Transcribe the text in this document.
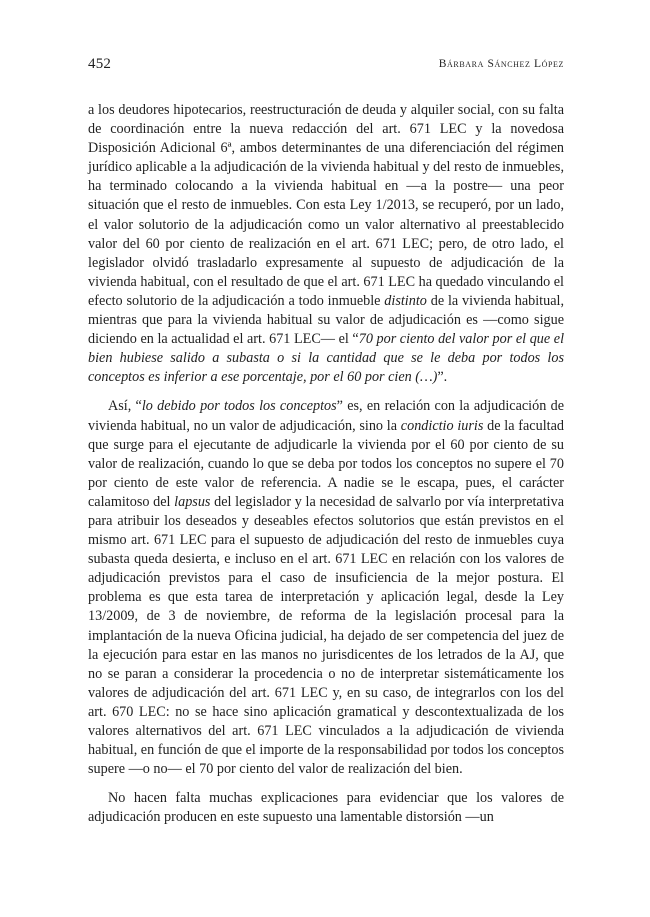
452	Bárbara Sánchez López

a los deudores hipotecarios, reestructuración de deuda y alquiler social, con su falta de coordinación entre la nueva redacción del art. 671 LEC y la novedosa Disposición Adicional 6ª, ambos determinantes de una diferenciación del régimen jurídico aplicable a la adjudicación de la vivienda habitual y del resto de inmuebles, ha terminado colocando a la vivienda habitual en —a la postre— una peor situación que el resto de inmuebles. Con esta Ley 1/2013, se recuperó, por un lado, el valor solutorio de la adjudicación como un valor alternativo al preestablecido valor del 60 por ciento de realización en el art. 671 LEC; pero, de otro lado, el legislador olvidó trasladarlo expresamente al supuesto de adjudicación de la vivienda habitual, con el resultado de que el art. 671 LEC ha quedado vinculando el efecto solutorio de la adjudicación a todo inmueble distinto de la vivienda habitual, mientras que para la vivienda habitual su valor de adjudicación es —como sigue diciendo en la actualidad el art. 671 LEC— el “70 por ciento del valor por el que el bien hubiese salido a subasta o si la cantidad que se le deba por todos los conceptos es inferior a ese porcentaje, por el 60 por cien (…)”.

Así, “lo debido por todos los conceptos” es, en relación con la adjudicación de vivienda habitual, no un valor de adjudicación, sino la condictio iuris de la facultad que surge para el ejecutante de adjudicarle la vivienda por el 60 por ciento de su valor de realización, cuando lo que se deba por todos los conceptos no supere el 70 por ciento de este valor de referencia. A nadie se le escapa, pues, el carácter calamitoso del lapsus del legislador y la necesidad de salvarlo por vía interpretativa para atribuir los deseados y deseables efectos solutorios que están previstos en el mismo art. 671 LEC para el supuesto de adjudicación del resto de inmuebles cuya subasta queda desierta, e incluso en el art. 671 LEC en relación con los valores de adjudicación previstos para el caso de insuficiencia de la mejor postura. El problema es que esta tarea de interpretación y aplicación legal, desde la Ley 13/2009, de 3 de noviembre, de reforma de la legislación procesal para la implantación de la nueva Oficina judicial, ha dejado de ser competencia del juez de la ejecución para estar en las manos no jurisdicentes de los letrados de la AJ, que no se paran a considerar la procedencia o no de interpretar sistemáticamente los valores de adjudicación del art. 671 LEC y, en su caso, de integrarlos con los del art. 670 LEC: no se hace sino aplicación gramatical y descontextualizada de los valores alternativos del art. 671 LEC vinculados a la adjudicación de vivienda habitual, en función de que el importe de la responsabilidad por todos los conceptos supere —o no— el 70 por ciento del valor de realización del bien.

No hacen falta muchas explicaciones para evidenciar que los valores de adjudicación producen en este supuesto una lamentable distorsión —un
